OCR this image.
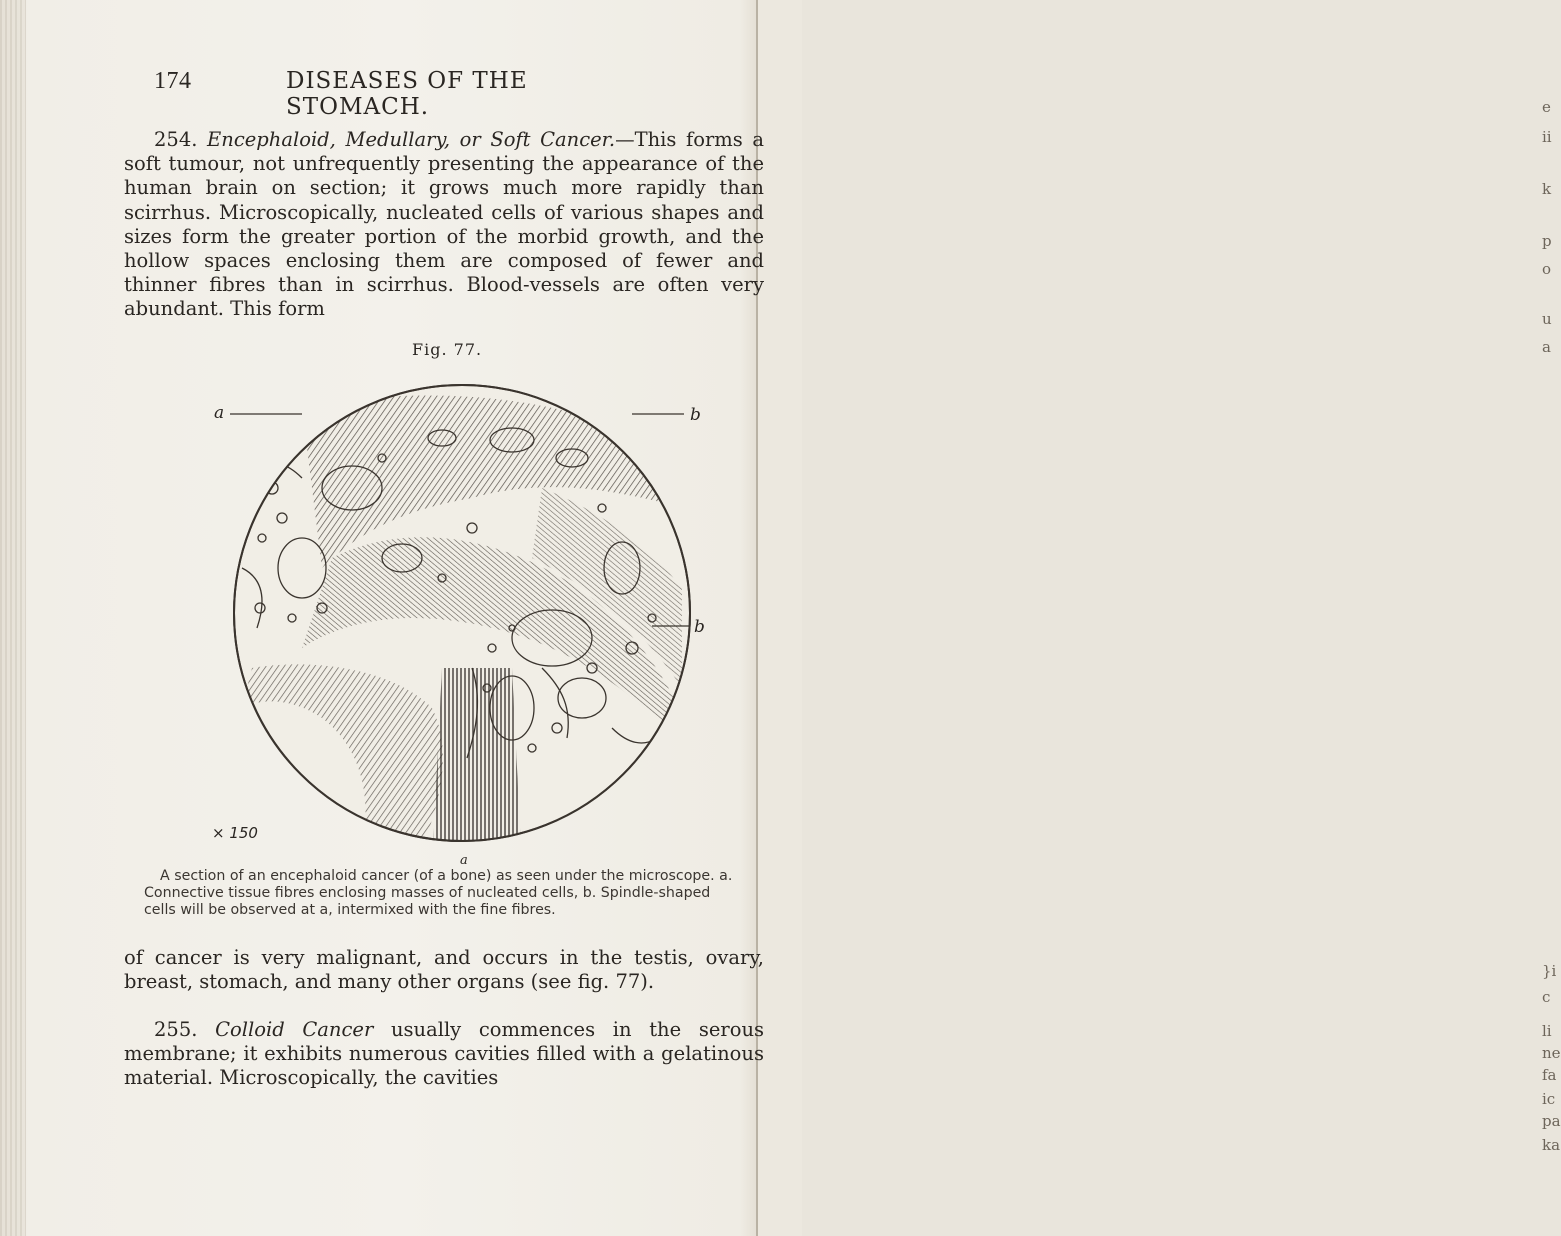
e
ii
k
p
o
u
a
}i
c
li
ne
fa
ic
pa
ka
174	DISEASES OF THE STOMACH.

254. Encephaloid, Medullary, or Soft Cancer.—This forms a soft tumour, not unfrequently presenting the appearance of the human brain on section; it grows much more rapidly than scirrhus. Microscopically, nucleated cells of various shapes and sizes form the greater portion of the morbid growth, and the hollow spaces enclosing them are composed of fewer and thinner fibres than in scirrhus. Blood-vessels are often very abundant. This form

Fig. 77.
a	b
b
× 150
a

A section of an encephaloid cancer (of a bone) as seen under the microscope. a. Connective tissue fibres enclosing masses of nucleated cells, b. Spindle-shaped cells will be observed at a, intermixed with the fine fibres.

of cancer is very malignant, and occurs in the testis, ovary, breast, stomach, and many other organs (see fig. 77).

255. Colloid Cancer usually commences in the serous membrane; it exhibits numerous cavities filled with a gelatinous material. Microscopically, the cavities
